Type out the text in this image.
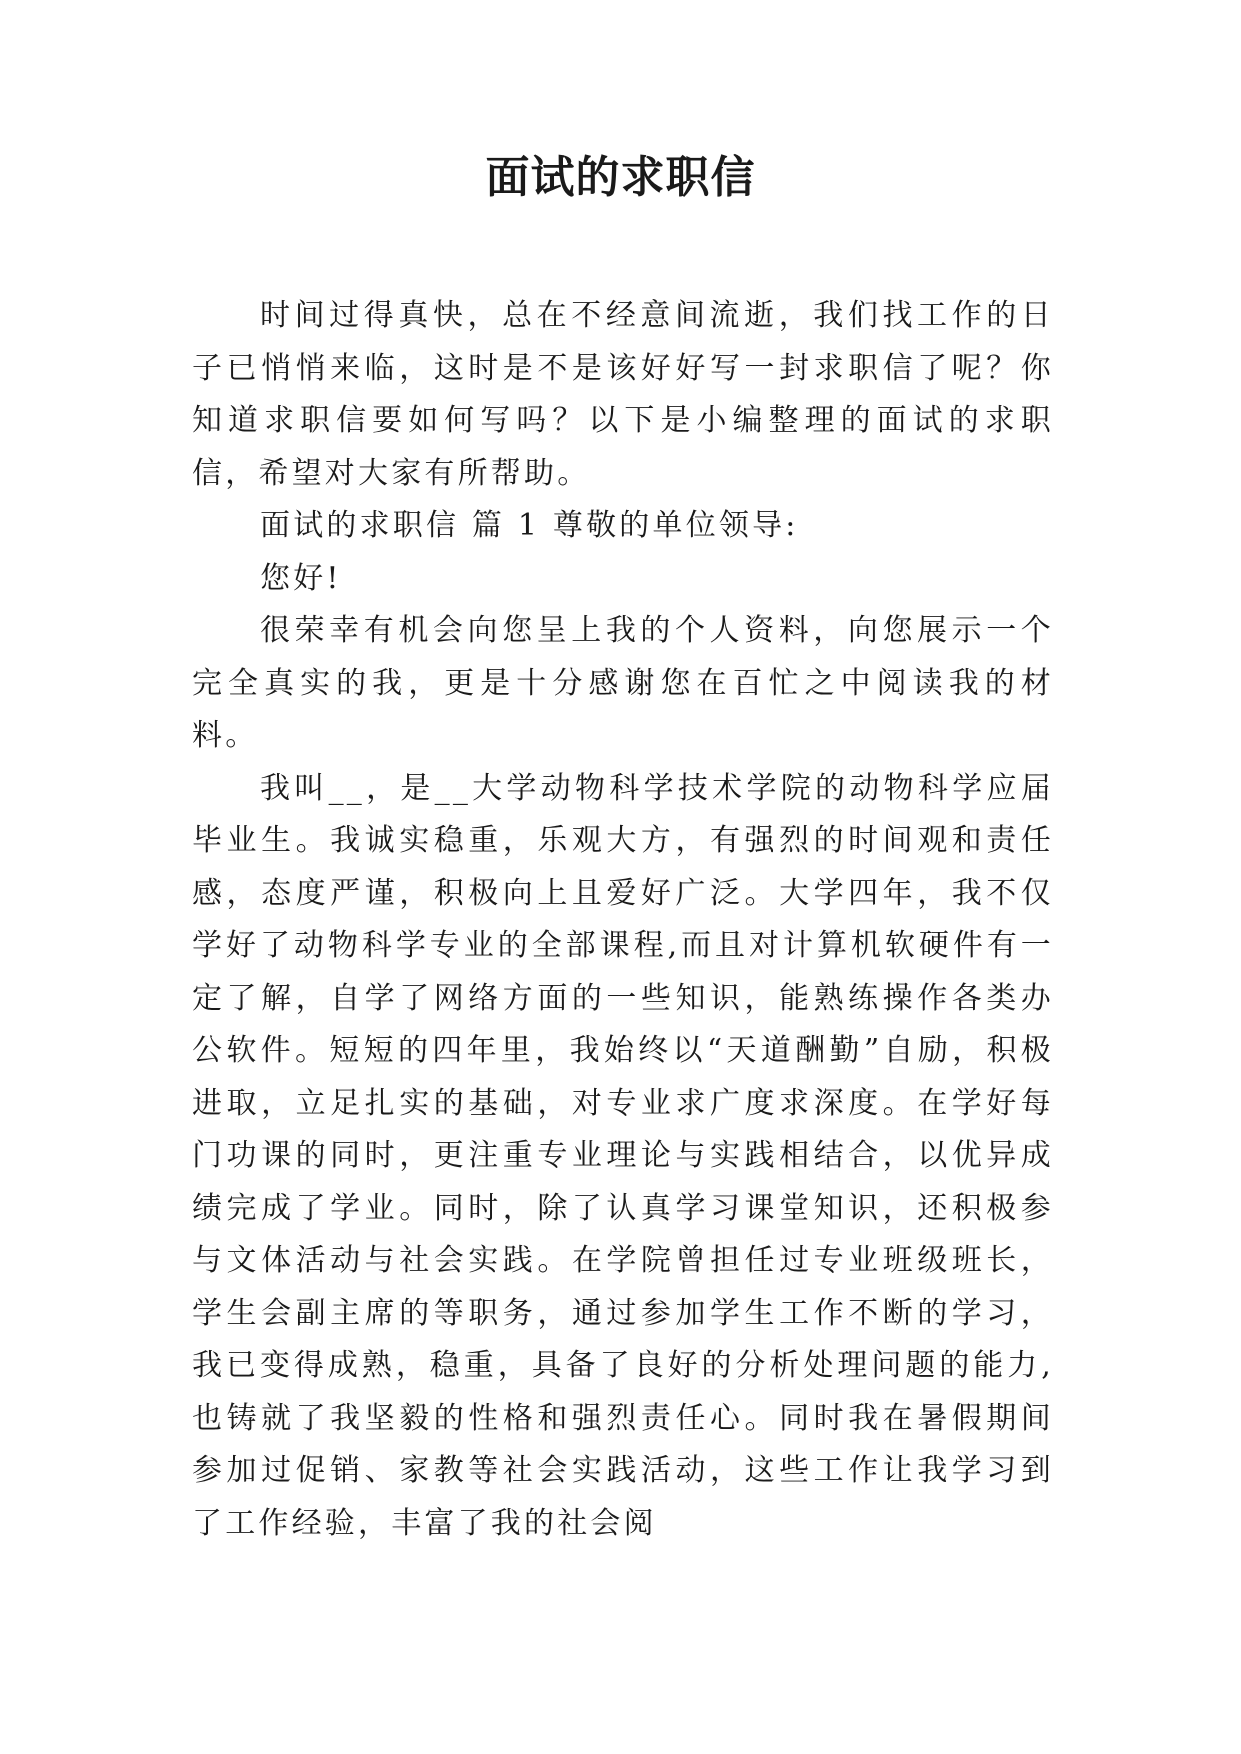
面试的求职信

时间过得真快，总在不经意间流逝，我们找工作的日子已悄悄来临，这时是不是该好好写一封求职信了呢？你知道求职信要如何写吗？以下是小编整理的面试的求职信，希望对大家有所帮助。

面试的求职信 篇 1 尊敬的单位领导:

您好!

很荣幸有机会向您呈上我的个人资料，向您展示一个完全真实的我，更是十分感谢您在百忙之中阅读我的材料。

我叫__，是__大学动物科学技术学院的动物科学应届毕业生。我诚实稳重，乐观大方，有强烈的时间观和责任感，态度严谨，积极向上且爱好广泛。大学四年，我不仅学好了动物科学专业的全部课程,而且对计算机软硬件有一定了解，自学了网络方面的一些知识，能熟练操作各类办公软件。短短的四年里，我始终以“天道酬勤”自励，积极进取，立足扎实的基础，对专业求广度求深度。在学好每门功课的同时，更注重专业理论与实践相结合，以优异成绩完成了学业。同时，除了认真学习课堂知识，还积极参与文体活动与社会实践。在学院曾担任过专业班级班长，学生会副主席的等职务，通过参加学生工作不断的学习，我已变得成熟，稳重，具备了良好的分析处理问题的能力,也铸就了我坚毅的性格和强烈责任心。同时我在暑假期间参加过促销、家教等社会实践活动，这些工作让我学习到了工作经验，丰富了我的社会阅
